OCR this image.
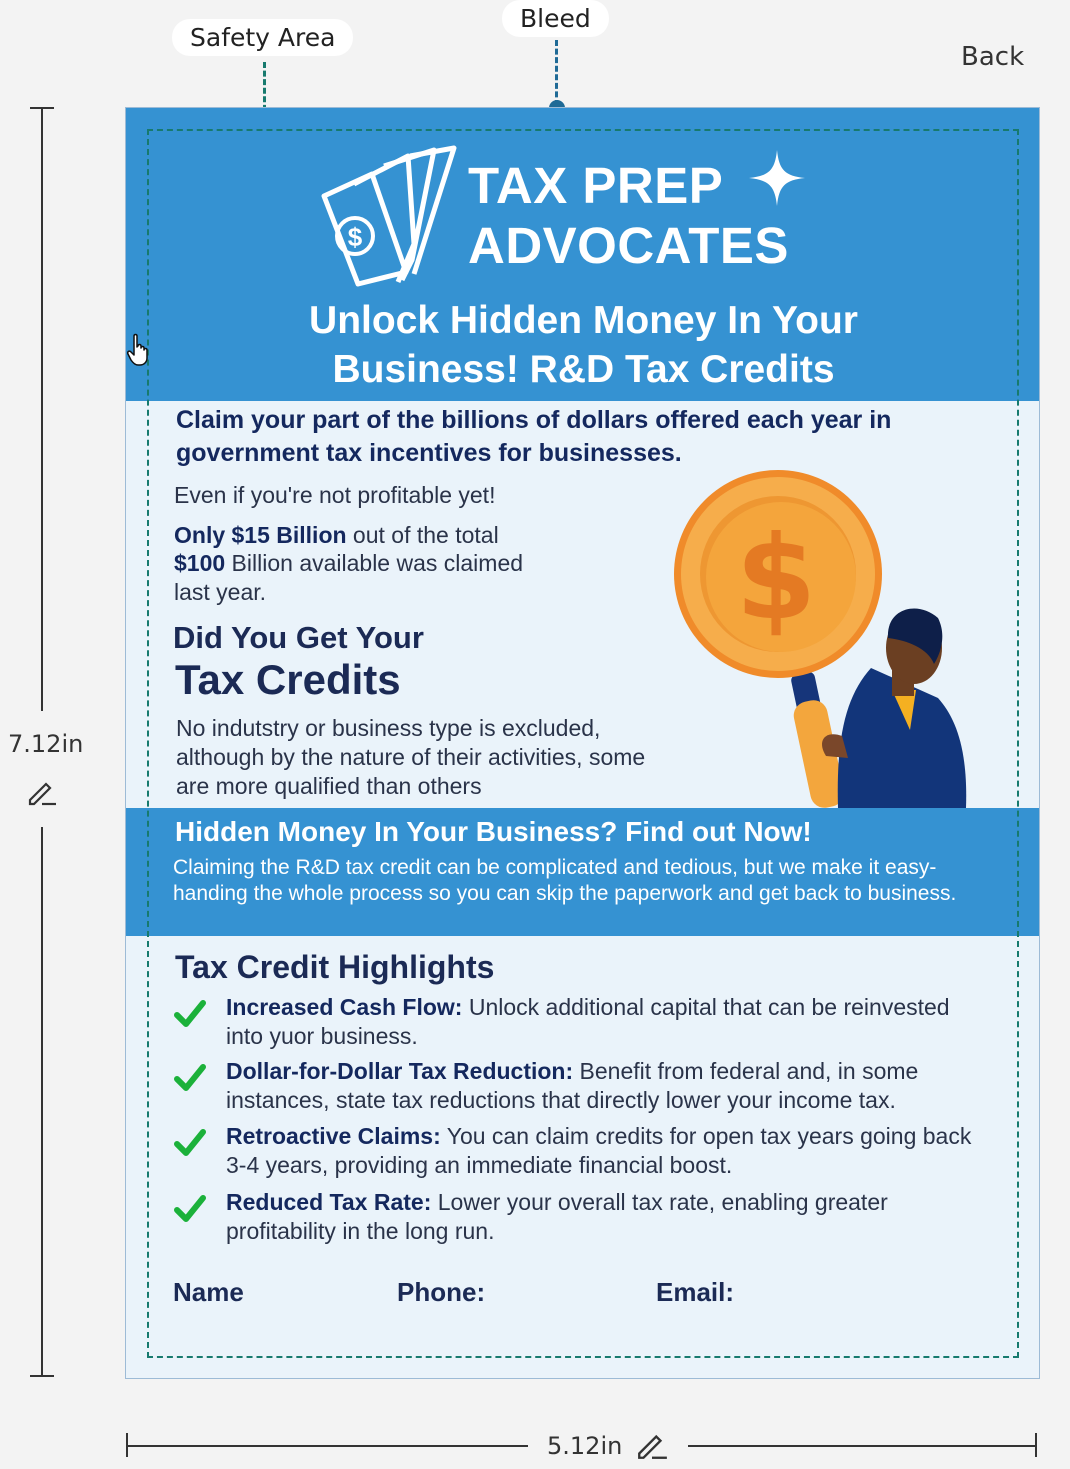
Safety Area
Bleed
Back
7.12in
5.12in
$
TAX PREP
ADVOCATES
Unlock Hidden Money In Your
Business! R&D Tax Credits
Claim your part of the billions of dollars offered each year in government tax incentives for businesses.
Even if you're not profitable yet!
Only $15 Billion out of the total
$100 Billion available was claimed
last year.
Did You Get Your
Tax Credits
No indutstry or business type is excluded,
although by the nature of their activities, some
are more qualified than others
$
Hidden Money In Your Business? Find out Now!
Claiming the R&D tax credit can be complicated and tedious, but we make it easy-handing the whole process so you can skip the paperwork and get back to business.
Tax Credit Highlights
Increased Cash Flow: Unlock additional capital that can be reinvested into yuor business.
Dollar-for-Dollar Tax Reduction: Benefit from federal and, in some instances, state tax reductions that directly lower your income tax.
Retroactive Claims: You can claim credits for open tax years going back 3-4 years, providing an immediate financial boost.
Reduced Tax Rate: Lower your overall tax rate, enabling greater profitability in the long run.
Name	Phone:	Email:
